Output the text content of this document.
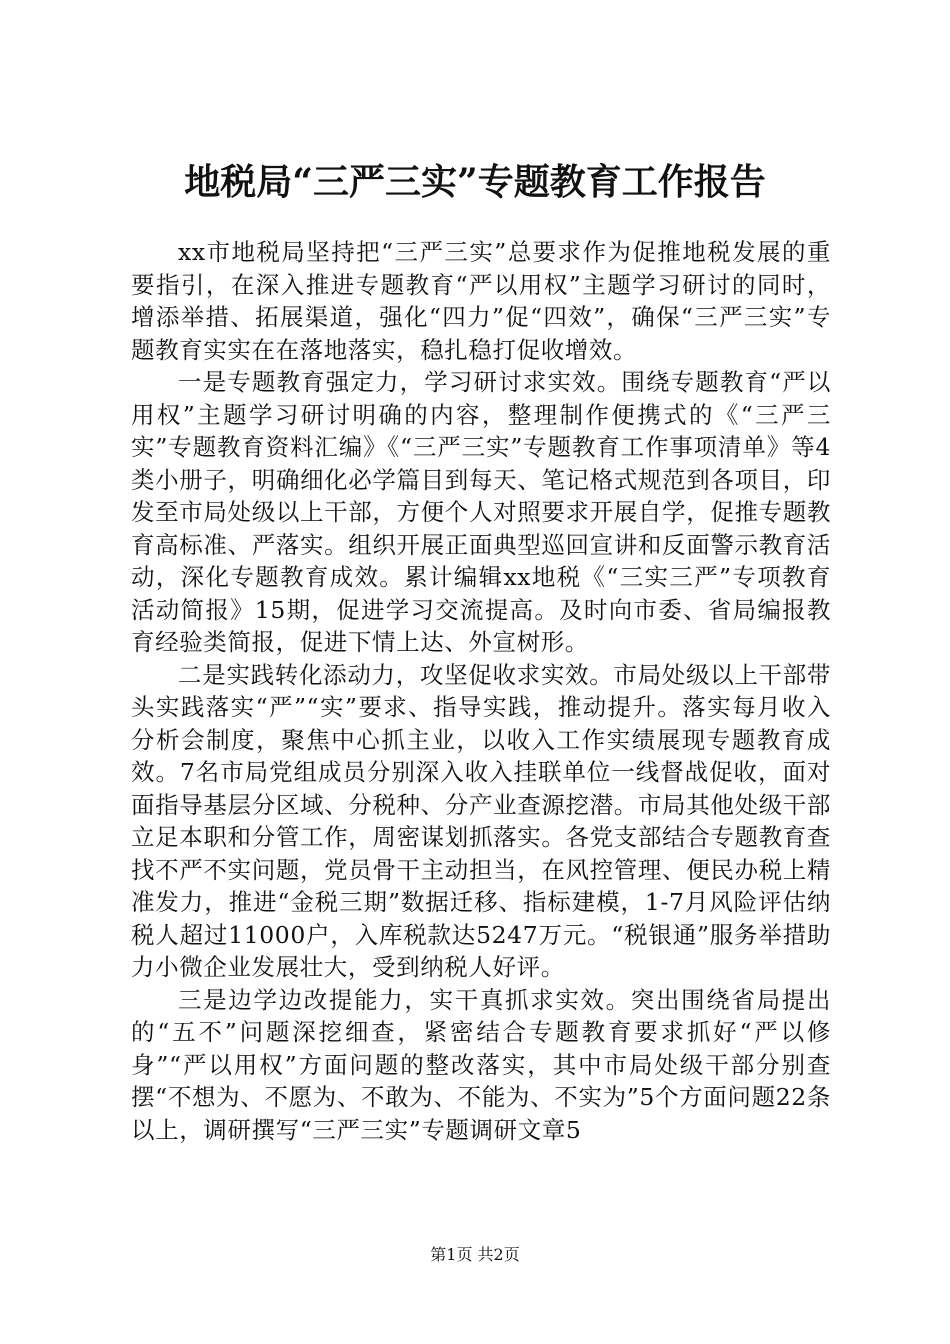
地税局“三严三实”专题教育工作报告

xx市地税局坚持把“三严三实”总要求作为促推地税发展的重要指引，在深入推进专题教育“严以用权”主题学习研讨的同时，增添举措、拓展渠道，强化“四力”促“四效”，确保“三严三实”专题教育实实在在落地落实，稳扎稳打促收增效。

一是专题教育强定力，学习研讨求实效。围绕专题教育“严以用权”主题学习研讨明确的内容，整理制作便携式的《“三严三实”专题教育资料汇编》《“三严三实”专题教育工作事项清单》等4类小册子，明确细化必学篇目到每天、笔记格式规范到各项目，印发至市局处级以上干部，方便个人对照要求开展自学，促推专题教育高标准、严落实。组织开展正面典型巡回宣讲和反面警示教育活动，深化专题教育成效。累计编辑xx地税《“三实三严”专项教育活动简报》15期，促进学习交流提高。及时向市委、省局编报教育经验类简报，促进下情上达、外宣树形。

二是实践转化添动力，攻坚促收求实效。市局处级以上干部带头实践落实“严”“实”要求、指导实践，推动提升。落实每月收入分析会制度，聚焦中心抓主业，以收入工作实绩展现专题教育成效。7名市局党组成员分别深入收入挂联单位一线督战促收，面对面指导基层分区域、分税种、分产业查源挖潜。市局其他处级干部立足本职和分管工作，周密谋划抓落实。各党支部结合专题教育查找不严不实问题，党员骨干主动担当，在风控管理、便民办税上精准发力，推进“金税三期”数据迁移、指标建模，1-7月风险评估纳税人超过11000户，入库税款达5247万元。“税银通”服务举措助力小微企业发展壮大，受到纳税人好评。

三是边学边改提能力，实干真抓求实效。突出围绕省局提出的“五不”问题深挖细查，紧密结合专题教育要求抓好“严以修身”“严以用权”方面问题的整改落实，其中市局处级干部分别查摆“不想为、不愿为、不敢为、不能为、不实为”5个方面问题22条以上，调研撰写“三严三实”专题调研文章5

第1页 共2页
